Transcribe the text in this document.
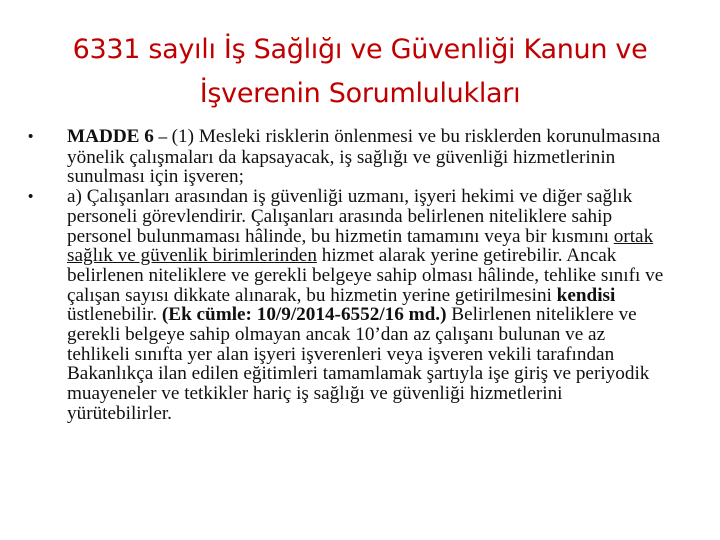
6331 sayılı İş Sağlığı ve Güvenliği Kanun ve
İşverenin Sorumlulukları
•	MADDE 6 – (1) Mesleki risklerin önlenmesi ve bu risklerden korunulmasına yönelik çalışmaları da kapsayacak, iş sağlığı ve güvenliği hizmetlerinin sunulması için işveren;
•	a) Çalışanları arasından iş güvenliği uzmanı, işyeri hekimi ve diğer sağlık personeli görevlendirir. Çalışanları arasında belirlenen niteliklere sahip personel bulunmaması hâlinde, bu hizmetin tamamını veya bir kısmını ortak sağlık ve güvenlik birimlerinden hizmet alarak yerine getirebilir. Ancak belirlenen niteliklere ve gerekli belgeye sahip olması hâlinde, tehlike sınıfı ve çalışan sayısı dikkate alınarak, bu hizmetin yerine getirilmesini kendisi üstlenebilir. (Ek cümle: 10/9/2014-6552/16 md.) Belirlenen niteliklere ve gerekli belgeye sahip olmayan ancak 10’dan az çalışanı bulunan ve az tehlikeli sınıfta yer alan işyeri işverenleri veya işveren vekili tarafından Bakanlıkça ilan edilen eğitimleri tamamlamak şartıyla işe giriş ve periyodik muayeneler ve tetkikler hariç iş sağlığı ve güvenliği hizmetlerini yürütebilirler.
